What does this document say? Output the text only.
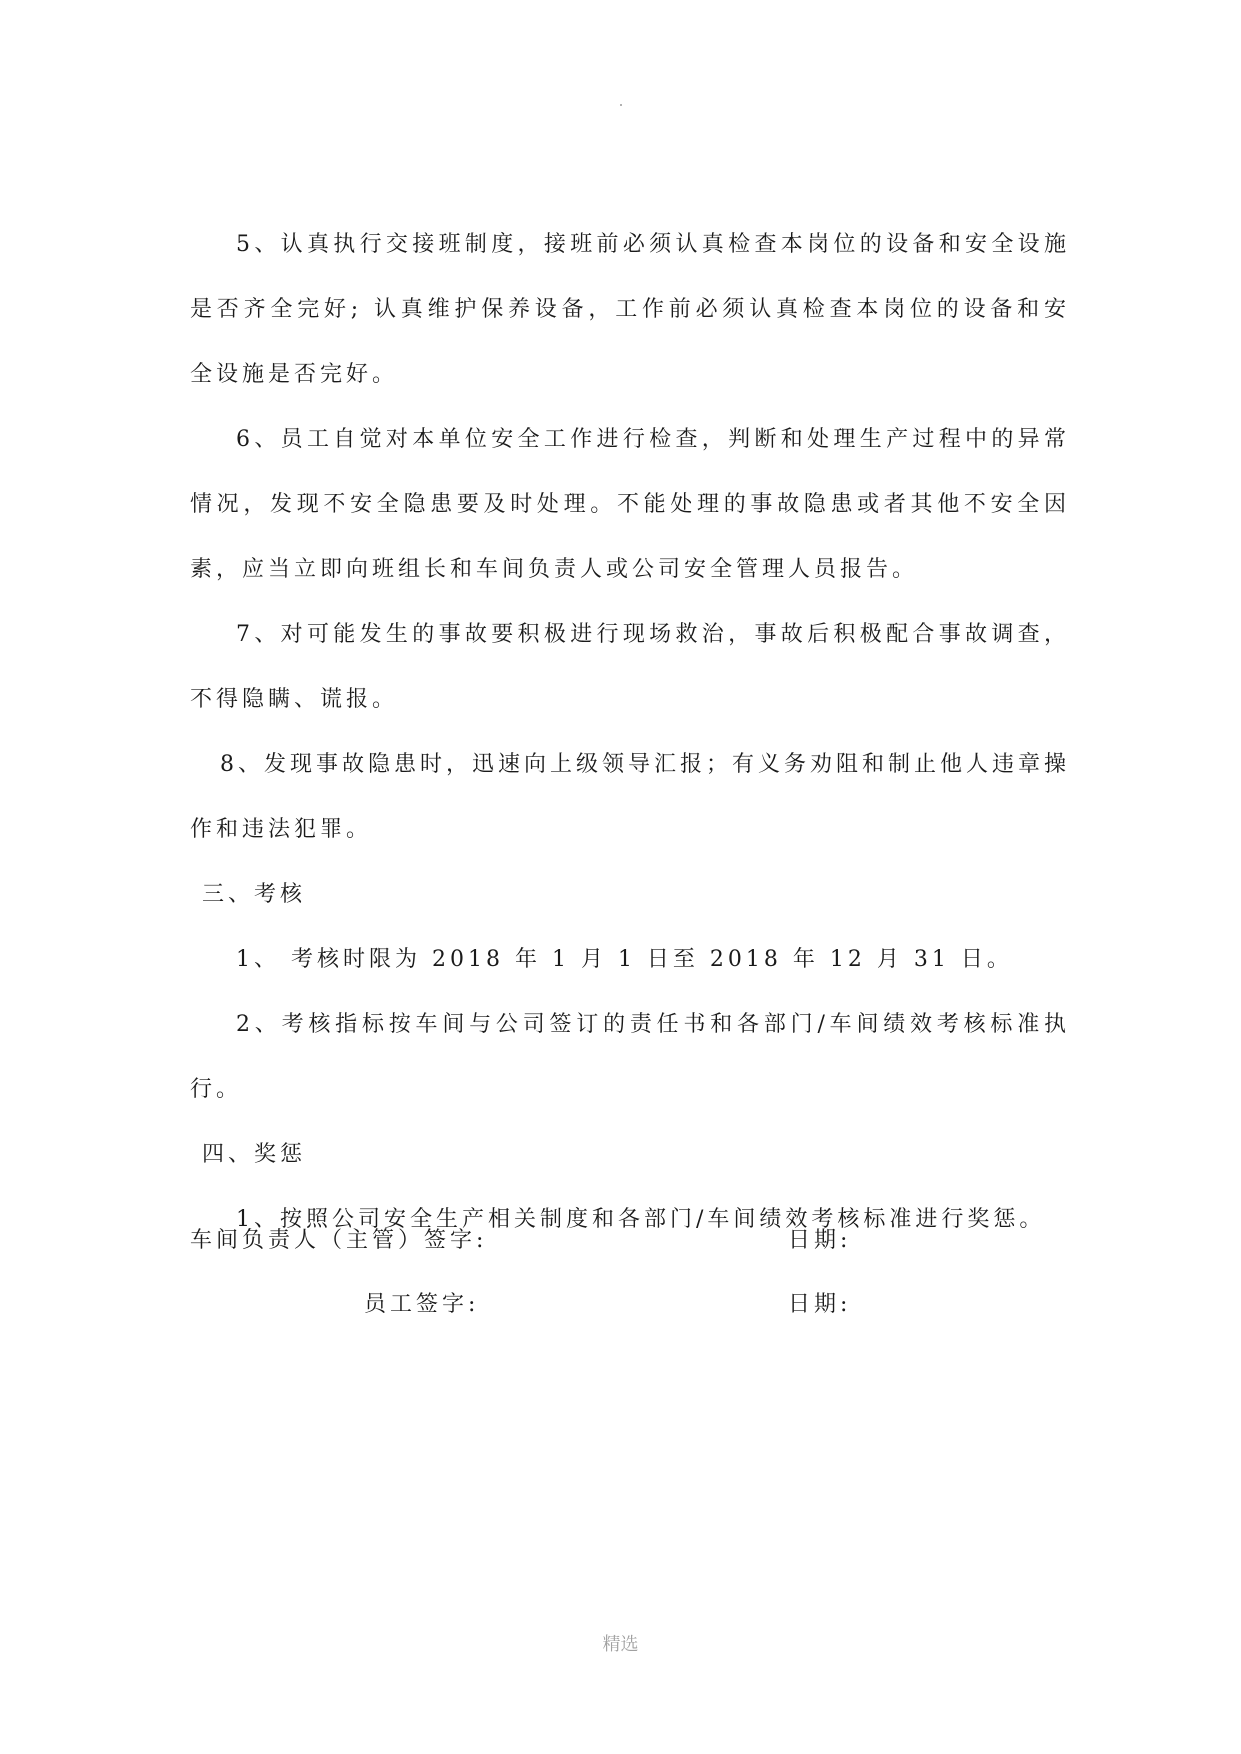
5、认真执行交接班制度，接班前必须认真检查本岗位的设备和安全设施是否齐全完好; 认真维护保养设备，工作前必须认真检查本岗位的设备和安全设施是否完好。

6、员工自觉对本单位安全工作进行检查，判断和处理生产过程中的异常情况，发现不安全隐患要及时处理。不能处理的事故隐患或者其他不安全因素，应当立即向班组长和车间负责人或公司安全管理人员报告。

7、对可能发生的事故要积极进行现场救治，事故后积极配合事故调查，不得隐瞒、谎报。

8、发现事故隐患时，迅速向上级领导汇报；有义务劝阻和制止他人违章操作和违法犯罪。

三、考核

1、 考核时限为 2018 年 1 月 1 日至 2018 年 12 月 31 日。

2、考核指标按车间与公司签订的责任书和各部门/车间绩效考核标准执行。

四、奖惩

1、按照公司安全生产相关制度和各部门/车间绩效考核标准进行奖惩。

车间负责人（主管）签字:	日期:
员工签字:	日期:
精选
